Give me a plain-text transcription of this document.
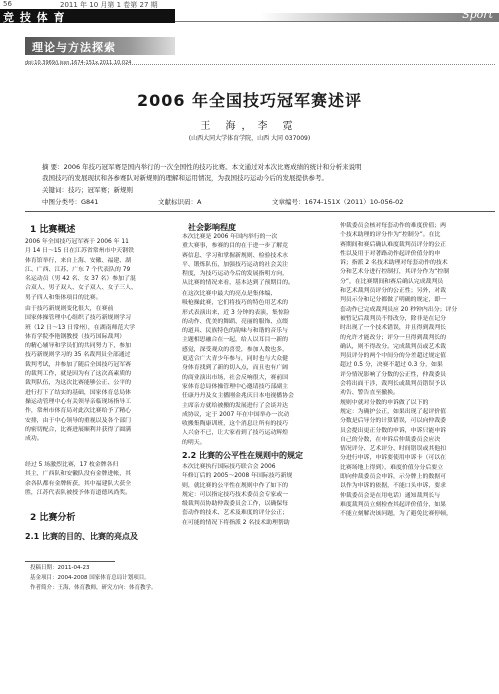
56	2011 年 10 月第 1 卷第 27 期
竞 技 体 育	Sport
理论与方法探索
doi:10.3969/j.issn.1674-151x.2011.10.024
2006 年全国技巧冠军赛述评
王 海，李 霓
(山西大同大学体育学院，山西 大同 037009)
摘 要：2006 年技巧冠军赛是国内举行的一次全国性的技巧比赛。本文通过对本次比赛成绩的统计和分析来说明
我国技巧的发展现状和各参赛队对新规则的理解和运用情况，为我国技巧运动今后的发展提供参考。
关键词：技巧；冠军赛；新规则
中图分类号：G841	文献标识码：A	文章编号：1674-151X（2011）10-056-02
1 比赛概述
2006 年全国技巧冠军赛于 2006 年 11
月 14 日～15 日在江苏省常州市中天钢铁
体育馆举行，来自上海、安徽、福建、湖
江、广西、江苏、广东 7 个代表队的 79
名运动员（男 42 名、女 37 名）参加了混
合双人、男子双人、女子双人、女子三人、
男子四人和集体项目的比赛。
由于技巧新规则变化很大，在赛前
国家体操管理中心组织了技巧新规则学习
班（12 日～13 日常州），在湖南师范大学
体育学院李艳钢教授（技巧国际裁判）
的精心辅导和学员们的共同努力下，参加
技巧新规则学习的 35 名裁判员全部通过
裁判考试，并参加了随后全国技巧冠军赛
的裁判工作，就是因为有了这次高素质的
裁判队伍，为这次比赛能够公正、公平的
进行打下了结实的基础，国家体育总局体
操运动管理中心有关领导亲临现场指导工
作，常州市体育局对此次比赛给予了精心
安排，由于中心领导的重视以及各个部门
的密切配合，比赛进展顺利并获得了圆满
成功。
经过 5 场激烈比赛，17 枚金牌各归
其主，广西队和安徽队没有金牌进帐，其
余各队都有金牌斩获，其中福建队大获全
胜，江苏代表队被授予体育道德风尚奖。
2 比赛分析
2.1 比赛的目的、比赛的亮点及
社会影响程度
本次比赛是 2006 年国内举行的一次
重大赛事，参赛的目的在于进一步了解竞
赛信息、学习和掌握新规则、检验技术水
平、锻炼队伍，加强技巧运动的社会关注
程度，为技巧运动今后的发展指明方向，
从比赛的情况来看，基本达到了预期目的。
在这次比赛中最大的亮点是集体编、
吸枪操此赛，它们将技巧的特色用艺术的
形式表演出来，近 3 分钟的表演，集惊险
的动作、优美的舞蹈、亮丽的服饰、点缀
的道具、民族特色的韵味与和谐的音乐与
主题相思融合在一起，给人以耳目一新的
感觉，深受观众的喜爱，参加人数也多，
更适合广大青少年参与，同时也与大众健
身体育找到了新的切入点，而且也有广阔
的商业演出市场，社会反响很大，赛前国
家体育总局体操管理中心邀请技巧部副主
任康丹丹及女主播刚金兆庆日本电视播协会
主席亲方就给被搬的发展进行了会谈并达
成协议，定于 2007 年在中国举办一次动
收搬集陶康训班，这个消息让所有的技巧
人兴奋不已，让大家看到了技巧运动辉煌
的明天。
2.2 比赛的公平性在规则中的规定
本次比赛执行国际技巧联合会 2006
年修订后的 2005～2008 年国际技巧新规
则，就比赛的公平性在规则中作了如下的
规定：可以指定技巧技术委员会专家或一
级裁判员协助仲裁委员会工作，以确保每
套动作的技术、艺术及难度的评分公正；
在可能的情况下将指派 2 名技术助理帮助
仲裁委员会核对每套动作的难度价值；两
个技术助理的评分作为“控制分”。在比
赛期间和赛后确认难度裁判员评分的公正
性以及用于对著路动作起评价值分的申
诉；指派 2 名技术助理对每套动作的技术
分和艺术分进行控制打，其评分作为“控制
分”，在比赛期间和赛后确认完成裁判员
和艺术裁判员评分的公正性；另外，对裁
判员示分和记分都做了明确的规定，即一
套动作已完成裁判员应 20 秒钟内出分；评分
被暂记后裁判员不得改分，除非是在记分
时出现了一个技术错误，并且得到裁判长
的允许才能改分；评分一旦得到裁判长的
确认，则不得改分。完成裁判员或艺术裁
判员评分的两个中间分的分差超过规定值
超过 0.5 分，决赛不超过 0.3 分，如果
评分情况影响了分数的公正性，仲裁委员
会将出面干涉，裁判长或裁判员错误予以
劝告、警告直至撤换。
规则中就对分数的申诉做了以下的
规定：为确护公正，如果出现了起评价值
分数是后导分的计算错误，可以向仲裁委
员会提出更正分数的申诉，申诉只能申诉
自己的分数，在申诉后仲裁委员会应决
情况评分、艺术评分、时间错误或其他扣
分进行申诉，申诉要使用申诉卡（可以在
比赛场地上得到），难度价值分分后要立
即向仲裁委员会申诉，示分牌上的数据可
以作为申诉的依据，不能口头申诉，要求
仲裁委员会是在用电话）通知裁判长与
难度裁判员立刻检查其起评价值分，如果
不能立刻解决该问题，为了避免比赛停顿，
投稿日期：2011-04-23
基金项目：2004-2008 国家体育总局计划项目。
作者简介：王海，体育教师，研究方向：体育教学。
